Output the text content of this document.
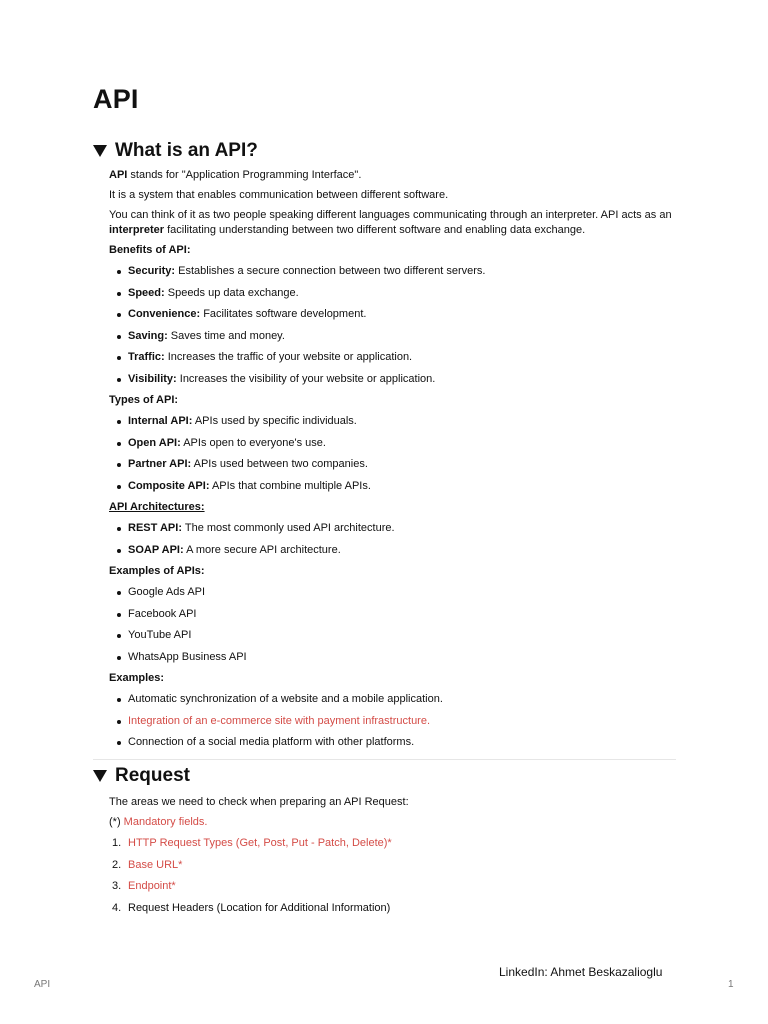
API
What is an API?

API stands for "Application Programming Interface".

It is a system that enables communication between different software.

You can think of it as two people speaking different languages communicating through an interpreter. API acts as an interpreter facilitating understanding between two different software and enabling data exchange.

Benefits of API:

Security: Establishes a secure connection between two different servers.
Speed: Speeds up data exchange.
Convenience: Facilitates software development.
Saving: Saves time and money.
Traffic: Increases the traffic of your website or application.
Visibility: Increases the visibility of your website or application.

Types of API:

Internal API: APIs used by specific individuals.
Open API: APIs open to everyone's use.
Partner API: APIs used between two companies.
Composite API: APIs that combine multiple APIs.

API Architectures:

REST API: The most commonly used API architecture.
SOAP API: A more secure API architecture.

Examples of APIs:

Google Ads API
Facebook API
YouTube API
WhatsApp Business API

Examples:

Automatic synchronization of a website and a mobile application.
Integration of an e-commerce site with payment infrastructure.
Connection of a social media platform with other platforms.
Request

The areas we need to check when preparing an API Request:

(*) Mandatory fields.

1. HTTP Request Types (Get, Post, Put - Patch, Delete)*
2. Base URL*
3. Endpoint*
4. Request Headers (Location for Additional Information)
LinkedIn: Ahmet Beskazalioglu
API	1
